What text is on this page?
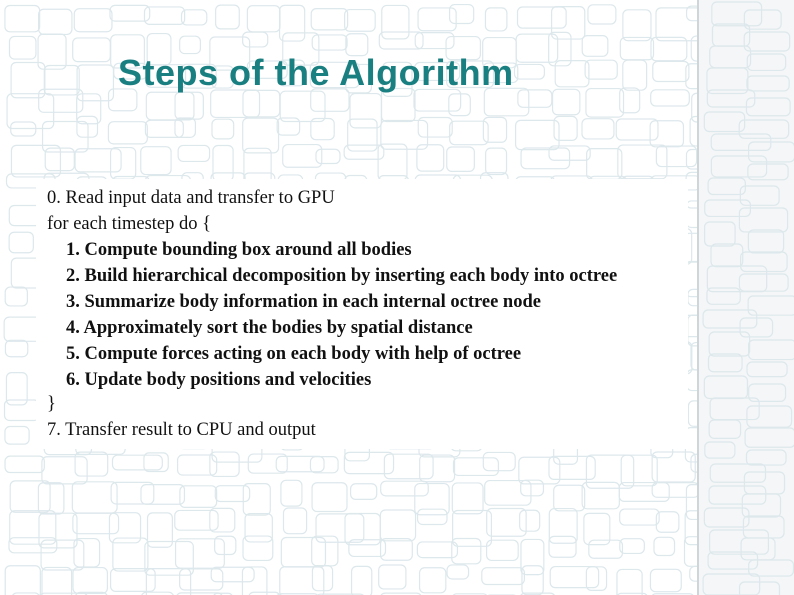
Steps of the Algorithm
0. Read input data and transfer to GPU
for each timestep do {
1. Compute bounding box around all bodies
2. Build hierarchical decomposition by inserting each body into octree
3. Summarize body information in each internal octree node
4. Approximately sort the bodies by spatial distance
5. Compute forces acting on each body with help of octree
6. Update body positions and velocities
}
7. Transfer result to CPU and output
